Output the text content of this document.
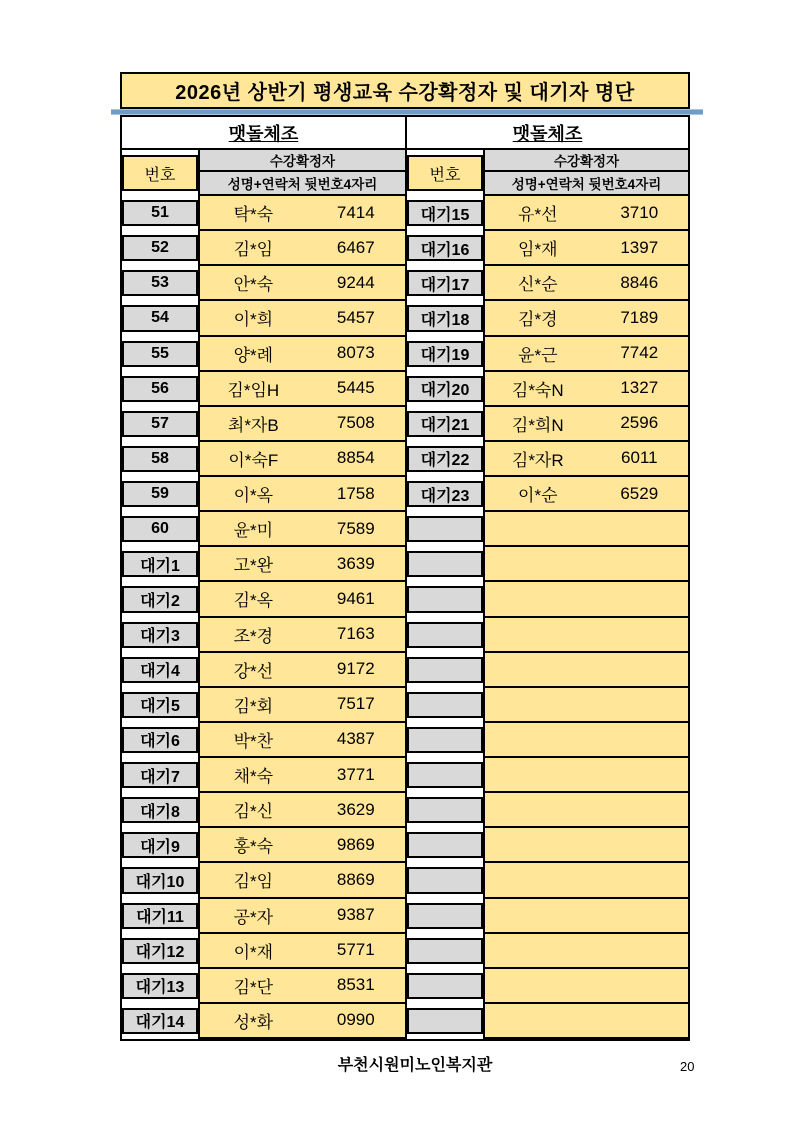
2026년 상반기 평생교육 수강확정자 및 대기자 명단
맷돌체조
번호
수강확정자
성명+연락처 뒷번호4자리
51	탁*숙	7414
52	김*임	6467
53	안*숙	9244
54	이*희	5457
55	양*례	8073
56	김*임H	5445
57	최*자B	7508
58	이*숙F	8854
59	이*옥	1758
60	윤*미	7589
대기1	고*완	3639
대기2	김*옥	9461
대기3	조*경	7163
대기4	강*선	9172
대기5	김*회	7517
대기6	박*찬	4387
대기7	채*숙	3771
대기8	김*신	3629
대기9	홍*숙	9869
대기10	김*임	8869
대기11	공*자	9387
대기12	이*재	5771
대기13	김*단	8531
대기14	성*화	0990
맷돌체조
번호
수강확정자
성명+연락처 뒷번호4자리
대기15	유*선	3710
대기16	임*재	1397
대기17	신*순	8846
대기18	김*경	7189
대기19	윤*근	7742
대기20	김*숙N	1327
대기21	김*희N	2596
대기22	김*자R	6011
대기23	이*순	6529
부천시원미노인복지관	20
